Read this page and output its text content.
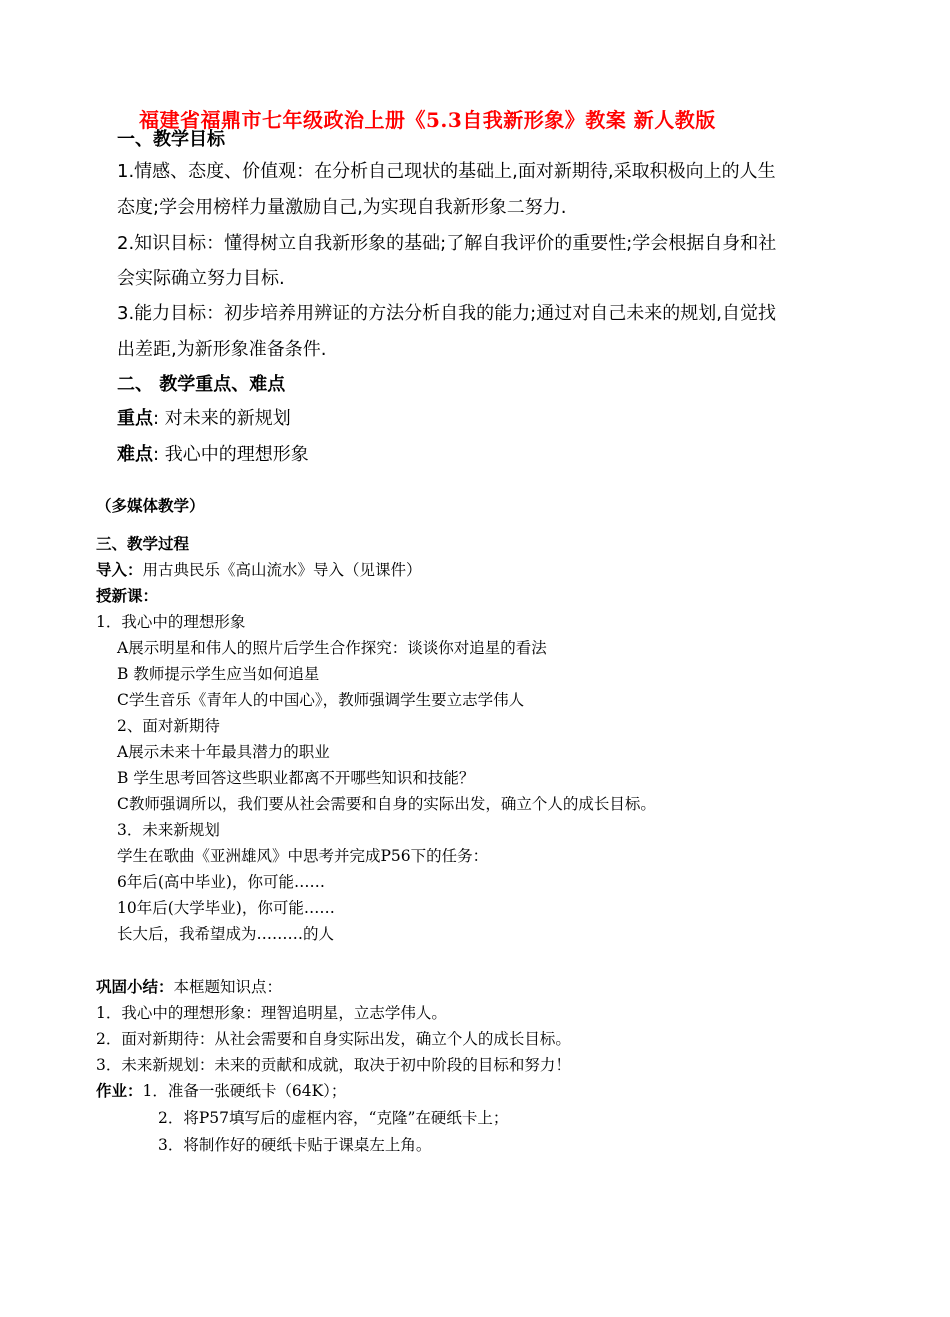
福建省福鼎市七年级政治上册《5.3自我新形象》教案 新人教版
一、教学目标
1.情感、态度、价值观：在分析自己现状的基础上,面对新期待,采取积极向上的人生
态度;学会用榜样力量激励自己,为实现自我新形象二努力.
2.知识目标：懂得树立自我新形象的基础;了解自我评价的重要性;学会根据自身和社
会实际确立努力目标.
3.能力目标：初步培养用辨证的方法分析自我的能力;通过对自己未来的规划,自觉找
出差距,为新形象准备条件.
二、 教学重点、难点
重点: 对未来的新规划
难点: 我心中的理想形象
（多媒体教学）
三、教学过程
导入：用古典民乐《高山流水》导入（见课件）
授新课：
1．我心中的理想形象
A展示明星和伟人的照片后学生合作探究：谈谈你对追星的看法
B 教师提示学生应当如何追星
C学生音乐《青年人的中国心》，教师强调学生要立志学伟人
2、面对新期待
A展示未来十年最具潜力的职业
B 学生思考回答这些职业都离不开哪些知识和技能？
C教师强调所以，我们要从社会需要和自身的实际出发，确立个人的成长目标。
3．未来新规划
学生在歌曲《亚洲雄风》中思考并完成P56下的任务：
6年后(高中毕业)，你可能……
10年后(大学毕业)，你可能……
长大后，我希望成为………的人
巩固小结：本框题知识点：
1．我心中的理想形象：理智追明星，立志学伟人。
2．面对新期待：从社会需要和自身实际出发，确立个人的成长目标。
3．未来新规划：未来的贡献和成就，取决于初中阶段的目标和努力！
作业：1．准备一张硬纸卡（64K）；
2．将P57填写后的虚框内容，“克隆”在硬纸卡上；
3．将制作好的硬纸卡贴于课桌左上角。
